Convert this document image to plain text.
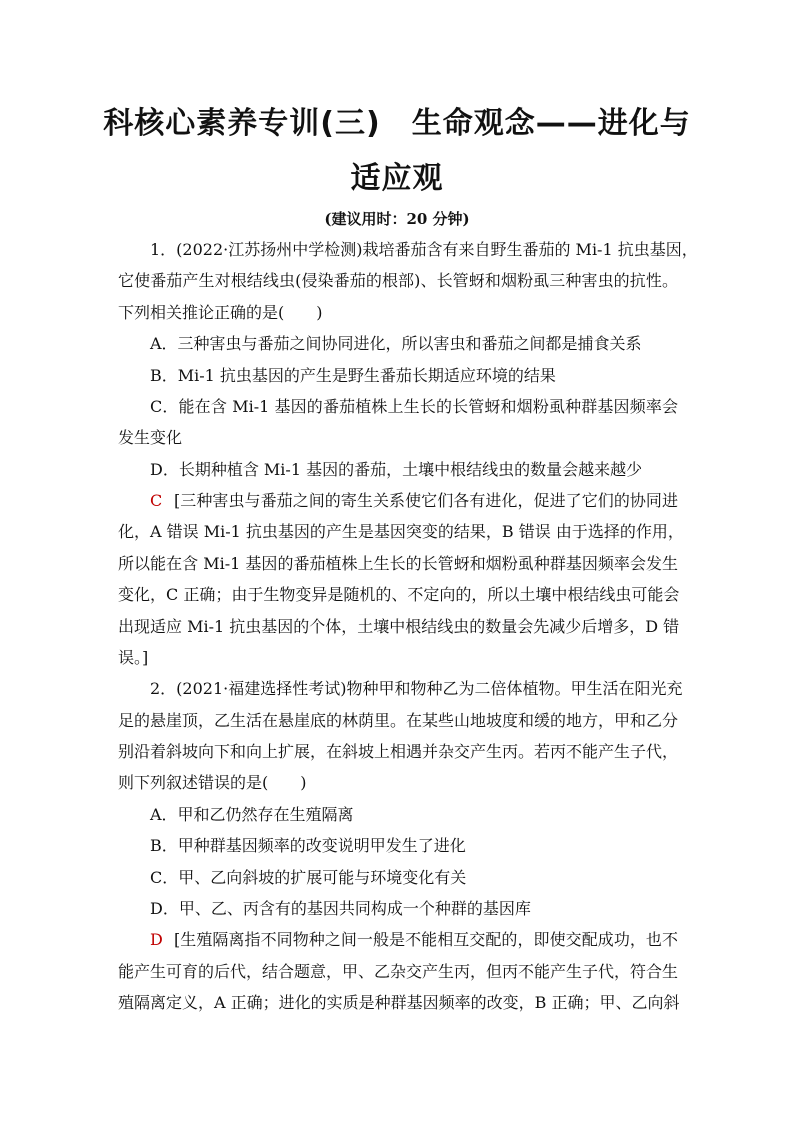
科核心素养专训(三)　生命观念——进化与
适应观
(建议用时：20 分钟)
1．(2022·江苏扬州中学检测)栽培番茄含有来自野生番茄的 Mi-1 抗虫基因，
它使番茄产生对根结线虫(侵染番茄的根部)、长管蚜和烟粉虱三种害虫的抗性。
下列相关推论正确的是(　　)
A．三种害虫与番茄之间协同进化，所以害虫和番茄之间都是捕食关系
B．Mi-1 抗虫基因的产生是野生番茄长期适应环境的结果
C．能在含 Mi-1 基因的番茄植株上生长的长管蚜和烟粉虱种群基因频率会
发生变化
D．长期种植含 Mi-1 基因的番茄，土壤中根结线虫的数量会越来越少
C [三种害虫与番茄之间的寄生关系使它们各有进化，促进了它们的协同进
化，A 错误 Mi-1 抗虫基因的产生是基因突变的结果，B 错误 由于选择的作用，
所以能在含 Mi-1 基因的番茄植株上生长的长管蚜和烟粉虱种群基因频率会发生
变化，C 正确；由于生物变异是随机的、不定向的，所以土壤中根结线虫可能会
出现适应 Mi-1 抗虫基因的个体，土壤中根结线虫的数量会先减少后增多，D 错
误。]
2．(2021·福建选择性考试)物种甲和物种乙为二倍体植物。甲生活在阳光充
足的悬崖顶，乙生活在悬崖底的林荫里。在某些山地坡度和缓的地方，甲和乙分
别沿着斜坡向下和向上扩展，在斜坡上相遇并杂交产生丙。若丙不能产生子代，
则下列叙述错误的是(　　)
A．甲和乙仍然存在生殖隔离
B．甲种群基因频率的改变说明甲发生了进化
C．甲、乙向斜坡的扩展可能与环境变化有关
D．甲、乙、丙含有的基因共同构成一个种群的基因库
D [生殖隔离指不同物种之间一般是不能相互交配的，即使交配成功，也不
能产生可育的后代，结合题意，甲、乙杂交产生丙，但丙不能产生子代，符合生
殖隔离定义，A 正确；进化的实质是种群基因频率的改变，B 正确；甲、乙向斜
